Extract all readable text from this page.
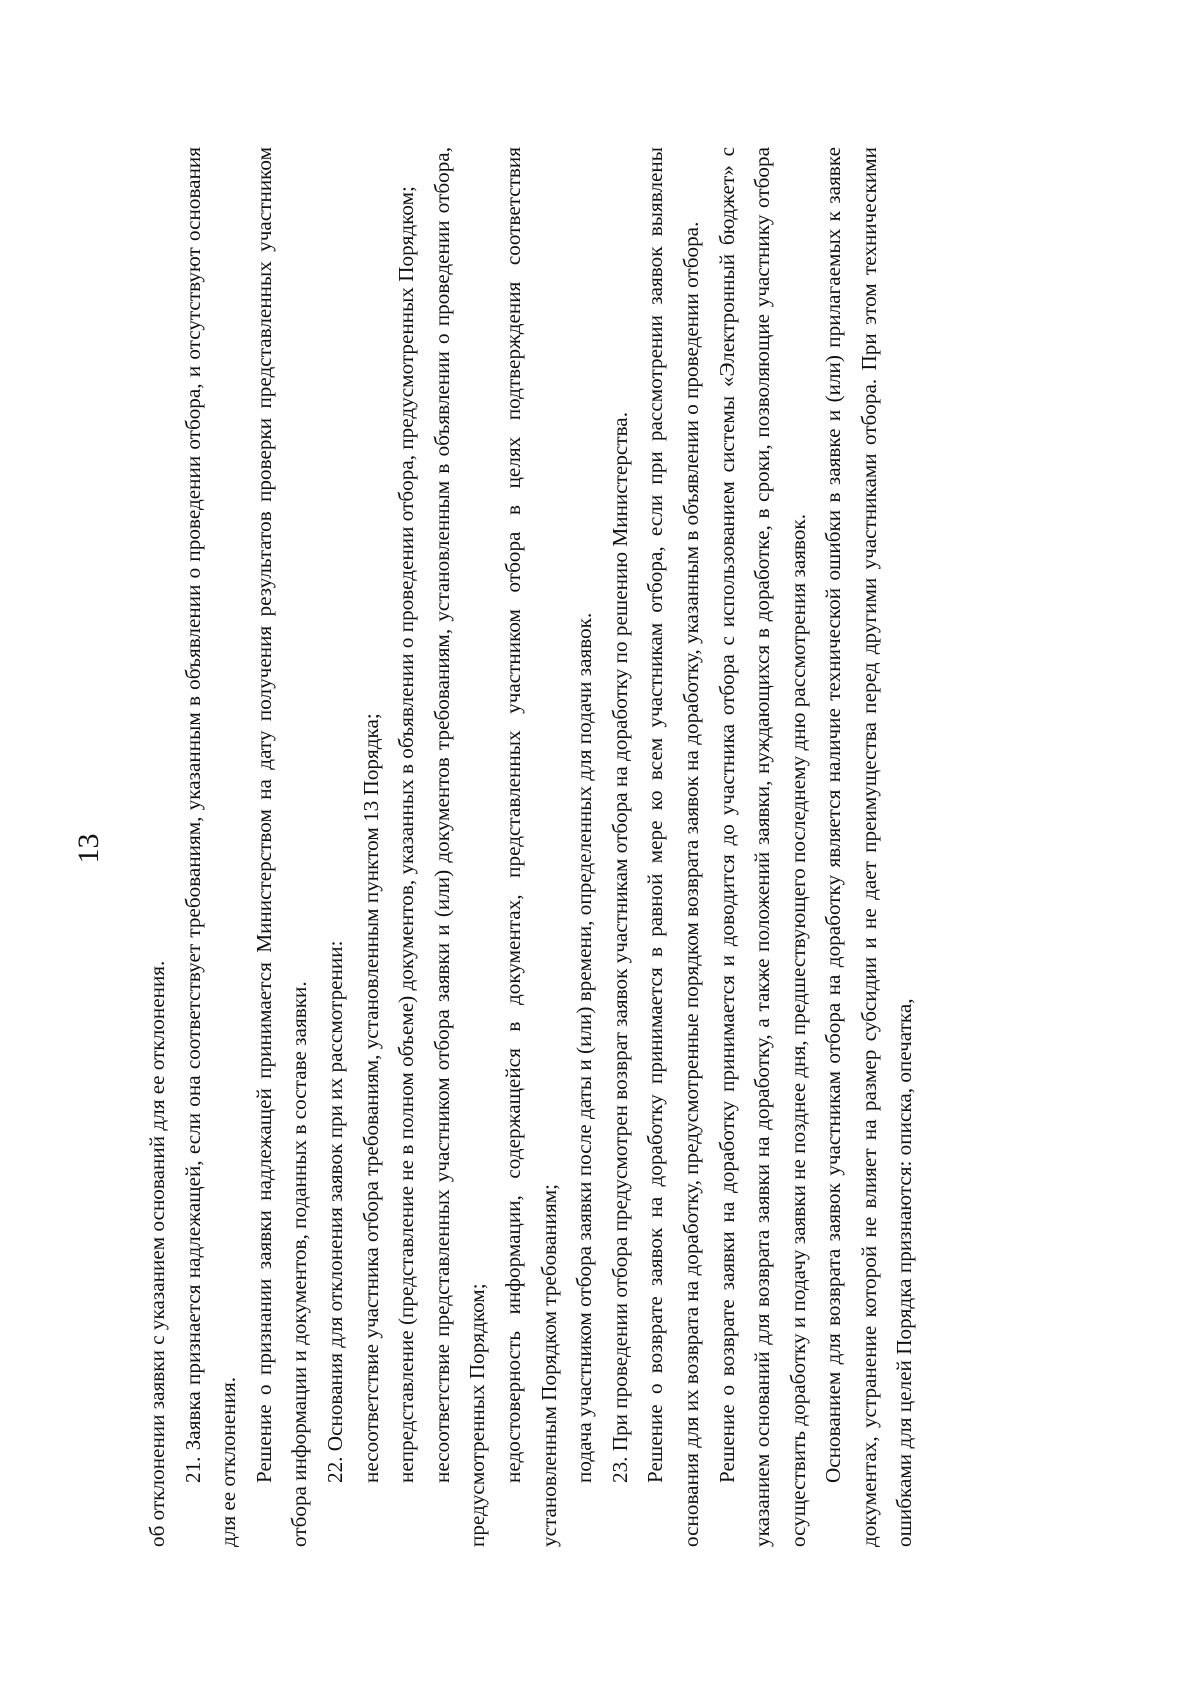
13

об отклонении заявки с указанием оснований для ее отклонения. 21. Заявка признается надлежащей, если она соответствует требованиям, указанным в объявлении о проведении отбора, и отсутствуют основания для ее отклонения. Решение о признании заявки надлежащей принимается Министерством на дату получения результатов проверки представленных участником отбора информации и документов, поданных в составе заявки. 22. Основания для отклонения заявок при их рассмотрении: несоответствие участника отбора требованиям, установленным пунктом 13 Порядка; непредставление (представление не в полном объеме) документов, указанных в объявлении о проведении отбора, предусмотренных Порядком; несоответствие представленных участником отбора заявки и (или) документов требованиям, установленным в объявлении о проведении отбора, предусмотренных Порядком; недостоверность информации, содержащейся в документах, представленных участником отбора в целях подтверждения соответствия установленным Порядком требованиям; подача участником отбора заявки после даты и (или) времени, определенных для подачи заявок. 23. При проведении отбора предусмотрен возврат заявок участникам отбора на доработку по решению Министерства. Решение о возврате заявок на доработку принимается в равной мере ко всем участникам отбора, если при рассмотрении заявок выявлены основания для их возврата на доработку, предусмотренные порядком возврата заявок на доработку, указанным в объявлении о проведении отбора. Решение о возврате заявки на доработку принимается и доводится до участника отбора с использованием системы «Электронный бюджет» с указанием оснований для возврата заявки на доработку, а также положений заявки, нуждающихся в доработке, в сроки, позволяющие участнику отбора осуществить доработку и подачу заявки не позднее дня, предшествующего последнему дню рассмотрения заявок. Основанием для возврата заявок участникам отбора на доработку является наличие технической ошибки в заявке и (или) прилагаемых к заявке документах, устранение которой не влияет на размер субсидии и не дает преимущества перед другими участниками отбора. При этом техническими ошибками для целей Порядка признаются: описка, опечатка,
